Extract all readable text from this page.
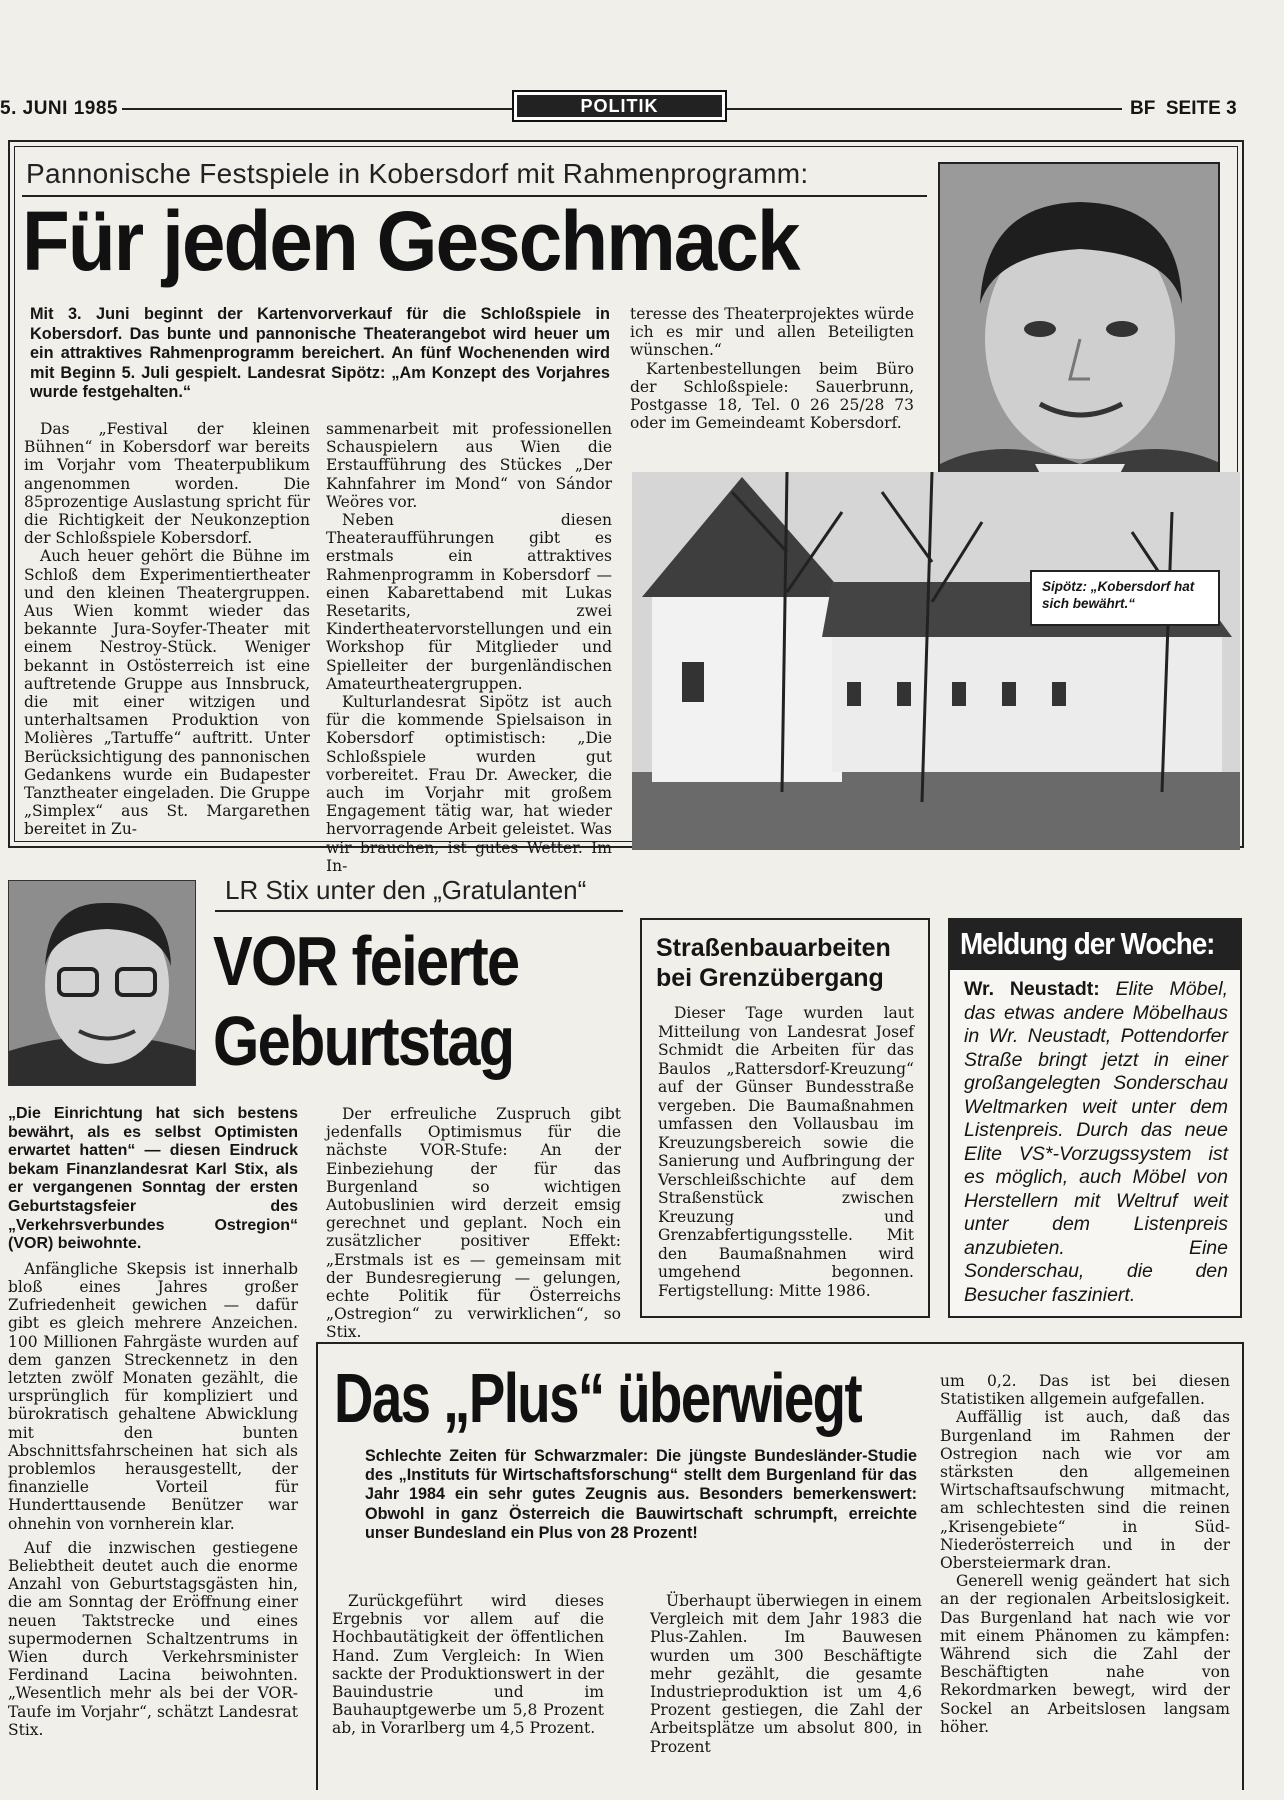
5. JUNI 1985	POLITIK	BF  SEITE 3
Pannonische Festspiele in Kobersdorf mit Rahmenprogramm:
Für jeden Geschmack
Mit 3. Juni beginnt der Kartenvorverkauf für die Schloßspiele in Kobersdorf. Das bunte und pannonische Theaterangebot wird heuer um ein attraktives Rahmenprogramm bereichert. An fünf Wochenenden wird mit Beginn 5. Juli gespielt. Landesrat Sipötz: „Am Konzept des Vorjahres wurde festgehalten.“

Das „Festival der kleinen Bühnen“ in Kobersdorf war bereits im Vorjahr vom Theaterpublikum angenommen worden. Die 85prozentige Auslastung spricht für die Richtigkeit der Neukonzeption der Schloßspiele Kobersdorf.

Auch heuer gehört die Bühne im Schloß dem Experimentiertheater und den kleinen Theatergruppen. Aus Wien kommt wieder das bekannte Jura-Soyfer-Theater mit einem Nestroy-Stück. Weniger bekannt in Ostösterreich ist eine auftretende Gruppe aus Innsbruck, die mit einer witzigen und unterhaltsamen Produktion von Molières „Tartuffe“ auftritt. Unter Berücksichtigung des pannonischen Gedankens wurde ein Budapester Tanztheater eingeladen. Die Gruppe „Simplex“ aus St. Margarethen bereitet in Zu-

sammenarbeit mit professionellen Schauspielern aus Wien die Erstaufführung des Stückes „Der Kahnfahrer im Mond“ von Sándor Weöres vor.

Neben diesen Theateraufführungen gibt es erstmals ein attraktives Rahmenprogramm in Kobersdorf — einen Kabarettabend mit Lukas Resetarits, zwei Kindertheatervorstellungen und ein Workshop für Mitglieder und Spielleiter der burgenländischen Amateurtheatergruppen.

Kulturlandesrat Sipötz ist auch für die kommende Spielsaison in Kobersdorf optimistisch: „Die Schloßspiele wurden gut vorbereitet. Frau Dr. Awecker, die auch im Vorjahr mit großem Engagement tätig war, hat wieder hervorragende Arbeit geleistet. Was wir brauchen, ist gutes Wetter. Im In-

teresse des Theaterprojektes würde ich es mir und allen Beteiligten wünschen.“

Kartenbestellungen beim Büro der Schloßspiele: Sauerbrunn, Postgasse 18, Tel. 0 26 25/28 73 oder im Gemeindeamt Kobersdorf.

Sipötz: „Kobersdorf hat sich bewährt.“
LR Stix unter den „Gratulanten“
VOR feierte
Geburtstag

„Die Einrichtung hat sich bestens bewährt, als es selbst Optimisten erwartet hatten“ — diesen Eindruck bekam Finanzlandesrat Karl Stix, als er vergangenen Sonntag der ersten Geburtstagsfeier des „Verkehrsverbundes Ostregion“ (VOR) beiwohnte.

Anfängliche Skepsis ist innerhalb bloß eines Jahres großer Zufriedenheit gewichen — dafür gibt es gleich mehrere Anzeichen. 100 Millionen Fahrgäste wurden auf dem ganzen Streckennetz in den letzten zwölf Monaten gezählt, die ursprünglich für kompliziert und bürokratisch gehaltene Abwicklung mit den bunten Abschnittsfahrscheinen hat sich als problemlos herausgestellt, der finanzielle Vorteil für Hunderttausende Benützer war ohnehin von vornherein klar.

Auf die inzwischen gestiegene Beliebtheit deutet auch die enorme Anzahl von Geburtstagsgästen hin, die am Sonntag der Eröffnung einer neuen Taktstrecke und eines supermodernen Schaltzentrums in Wien durch Verkehrsminister Ferdinand Lacina beiwohnten. „Wesentlich mehr als bei der VOR-Taufe im Vorjahr“, schätzt Landesrat Stix.

Der erfreuliche Zuspruch gibt jedenfalls Optimismus für die nächste VOR-Stufe: An der Einbeziehung der für das Burgenland so wichtigen Autobuslinien wird derzeit emsig gerechnet und geplant. Noch ein zusätzlicher positiver Effekt: „Erstmals ist es — gemeinsam mit der Bundesregierung — gelungen, echte Politik für Österreichs „Ostregion“ zu verwirklichen“, so Stix.

Straßenbauarbeiten
bei Grenzübergang

Dieser Tage wurden laut Mitteilung von Landesrat Josef Schmidt die Arbeiten für das Baulos „Rattersdorf-Kreuzung“ auf der Günser Bundesstraße vergeben. Die Baumaßnahmen umfassen den Vollausbau im Kreuzungsbereich sowie die Sanierung und Aufbringung der Verschleißschichte auf dem Straßenstück zwischen Kreuzung und Grenzabfertigungsstelle. Mit den Baumaßnahmen wird umgehend begonnen. Fertigstellung: Mitte 1986.

Meldung der Woche:

Wr. Neustadt: Elite Möbel, das etwas andere Möbelhaus in Wr. Neustadt, Pottendorfer Straße bringt jetzt in einer großangelegten Sonderschau Weltmarken weit unter dem Listenpreis. Durch das neue Elite VS*-Vorzugssystem ist es möglich, auch Möbel von Herstellern mit Weltruf weit unter dem Listenpreis anzubieten. Eine Sonderschau, die den Besucher fasziniert.

Das „Plus“ überwiegt
Schlechte Zeiten für Schwarzmaler: Die jüngste Bundesländer-Studie des „Instituts für Wirtschaftsforschung“ stellt dem Burgenland für das Jahr 1984 ein sehr gutes Zeugnis aus. Besonders bemerkenswert: Obwohl in ganz Österreich die Bauwirtschaft schrumpft, erreichte unser Bundesland ein Plus von 28 Prozent!

Zurückgeführt wird dieses Ergebnis vor allem auf die Hochbautätigkeit der öffentlichen Hand. Zum Vergleich: In Wien sackte der Produktionswert in der Bauindustrie und im Bauhauptgewerbe um 5,8 Prozent ab, in Vorarlberg um 4,5 Prozent.

Überhaupt überwiegen in einem Vergleich mit dem Jahr 1983 die Plus-Zahlen. Im Bauwesen wurden um 300 Beschäftigte mehr gezählt, die gesamte Industrieproduktion ist um 4,6 Prozent gestiegen, die Zahl der Arbeitsplätze um absolut 800, in Prozent

um 0,2. Das ist bei diesen Statistiken allgemein aufgefallen.

Auffällig ist auch, daß das Burgenland im Rahmen der Ostregion nach wie vor am stärksten den allgemeinen Wirtschaftsaufschwung mitmacht, am schlechtesten sind die reinen „Krisengebiete“ in Süd-Niederösterreich und in der Obersteiermark dran.

Generell wenig geändert hat sich an der regionalen Arbeitslosigkeit. Das Burgenland hat nach wie vor mit einem Phänomen zu kämpfen: Während sich die Zahl der Beschäftigten nahe von Rekordmarken bewegt, wird der Sockel an Arbeitslosen langsam höher.
